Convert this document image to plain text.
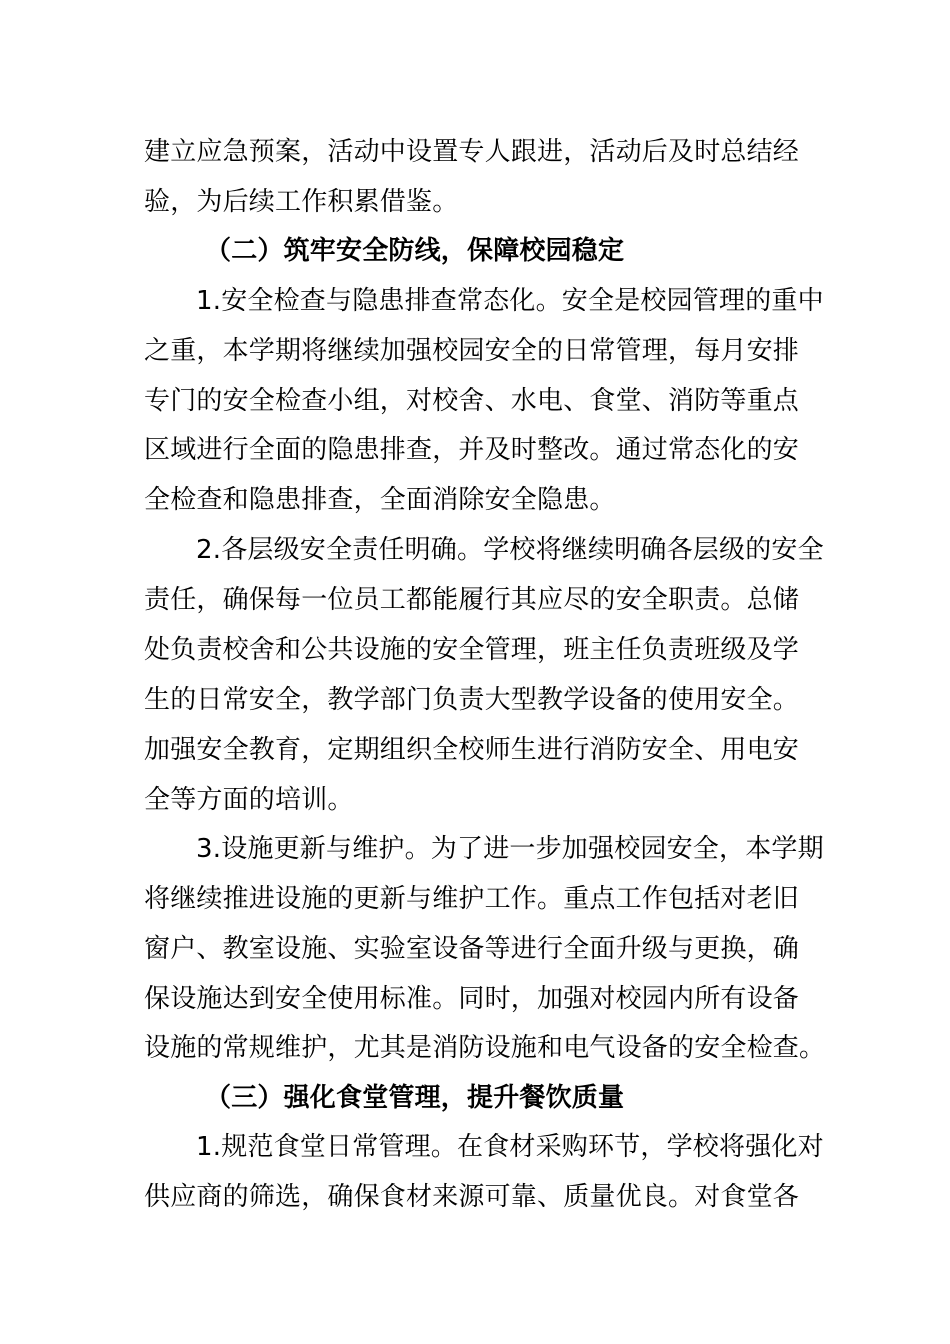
建立应急预案，活动中设置专人跟进，活动后及时总结经
验，为后续工作积累借鉴。
（二）筑牢安全防线，保障校园稳定
1.安全检查与隐患排查常态化。安全是校园管理的重中
之重，本学期将继续加强校园安全的日常管理，每月安排
专门的安全检查小组，对校舍、水电、食堂、消防等重点
区域进行全面的隐患排查，并及时整改。通过常态化的安
全检查和隐患排查，全面消除安全隐患。
2.各层级安全责任明确。学校将继续明确各层级的安全
责任，确保每一位员工都能履行其应尽的安全职责。总储
处负责校舍和公共设施的安全管理，班主任负责班级及学
生的日常安全，教学部门负责大型教学设备的使用安全。
加强安全教育，定期组织全校师生进行消防安全、用电安
全等方面的培训。
3.设施更新与维护。为了进一步加强校园安全，本学期
将继续推进设施的更新与维护工作。重点工作包括对老旧
窗户、教室设施、实验室设备等进行全面升级与更换，确
保设施达到安全使用标准。同时，加强对校园内所有设备
设施的常规维护，尤其是消防设施和电气设备的安全检查。
（三）强化食堂管理，提升餐饮质量
1.规范食堂日常管理。在食材采购环节，学校将强化对
供应商的筛选，确保食材来源可靠、质量优良。对食堂各
